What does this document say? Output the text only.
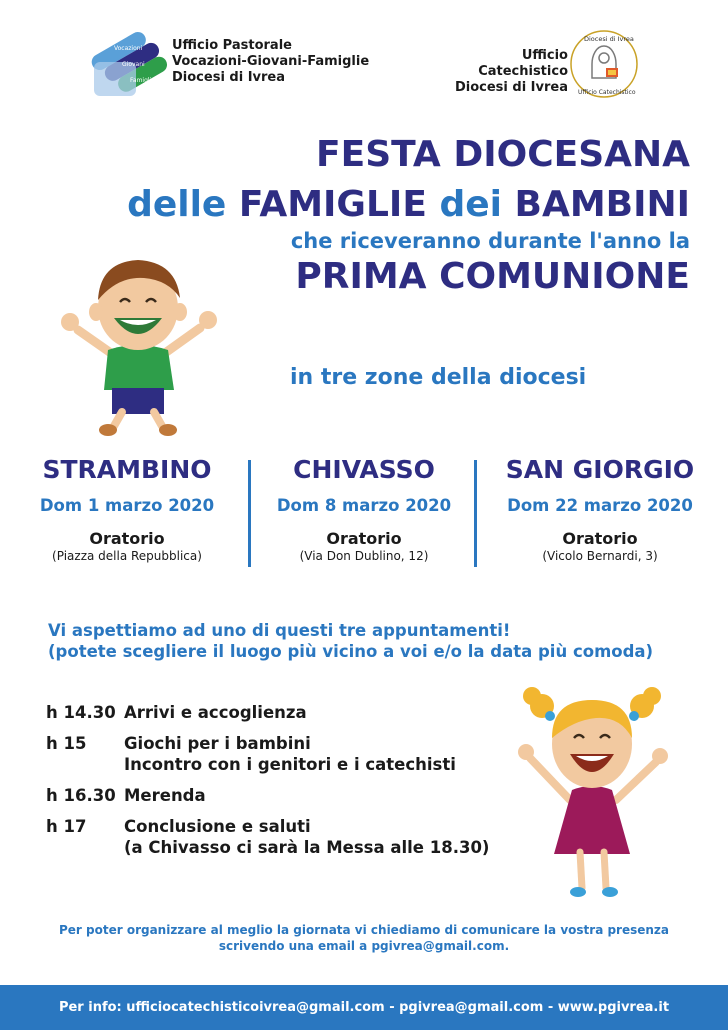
Vocazioni
Giovani
Famiglie
Ufficio Pastorale
Vocazioni-Giovani-Famiglie
Diocesi di Ivrea
Ufficio Catechistico
Diocesi di Ivrea
Diocesi di Ivrea
Ufficio Catechistico
FESTA DIOCESANA
delle FAMIGLIE dei BAMBINI
che riceveranno durante l'anno la
PRIMA COMUNIONE
in tre zone della diocesi
STRAMBINO
Dom 1 marzo 2020
Oratorio
(Piazza della Repubblica)
CHIVASSO
Dom 8 marzo 2020
Oratorio
(Via Don Dublino, 12)
SAN GIORGIO
Dom 22 marzo 2020
Oratorio
(Vicolo Bernardi, 3)
Vi aspettiamo ad uno di questi tre appuntamenti!
(potete scegliere il luogo più vicino a voi e/o la data più comoda)
h 14.30 Arrivi e accoglienza
h 15 Giochi per i bambini
Incontro con i genitori e i catechisti
h 16.30 Merenda
h 17 Conclusione e saluti
(a Chivasso ci sarà la Messa alle 18.30)
Per poter organizzare al meglio la giornata vi chiediamo di comunicare la vostra presenza
scrivendo una email a pgivrea@gmail.com.
Per info: ufficiocatechisticoivrea@gmail.com - pgivrea@gmail.com - www.pgivrea.it
